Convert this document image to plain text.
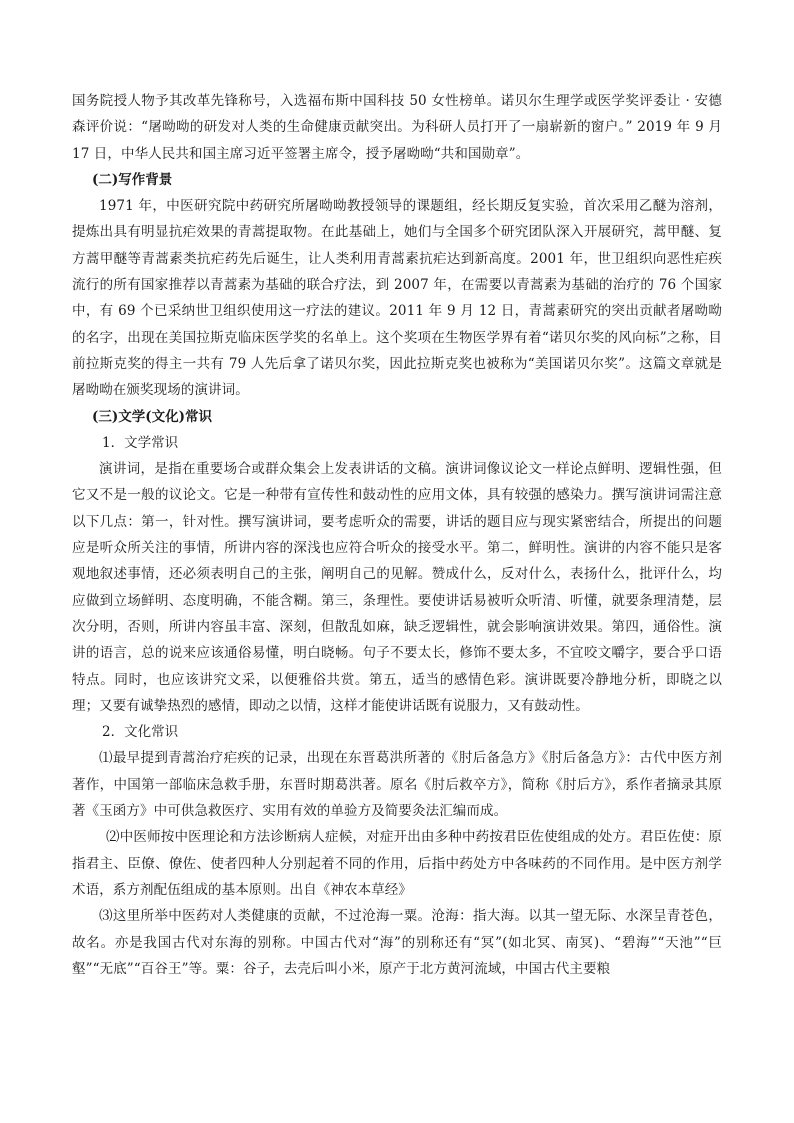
国务院授人物予其改革先锋称号，入选福布斯中国科技 50 女性榜单。诺贝尔生理学或医学奖评委让 · 安德森评价说：“屠呦呦的研发对人类的生命健康贡献突出。为科研人员打开了一扇崭新的窗户。” 2019 年 9 月 17 日，中华人民共和国主席习近平签署主席令，授予屠呦呦“共和国勋章”。

(二)写作背景

1971 年，中医研究院中药研究所屠呦呦教授领导的课题组，经长期反复实验，首次采用乙醚为溶剂，提炼出具有明显抗疟效果的青蒿提取物。在此基础上，她们与全国多个研究团队深入开展研究，蒿甲醚、复方蒿甲醚等青蒿素类抗疟药先后诞生，让人类利用青蒿素抗疟达到新高度。2001 年，世卫组织向恶性疟疾流行的所有国家推荐以青蒿素为基础的联合疗法，到 2007 年，在需要以青蒿素为基础的治疗的 76 个国家中，有 69 个已采纳世卫组织使用这一疗法的建议。2011 年 9 月 12 日，青蒿素研究的突出贡献者屠呦呦的名字，出现在美国拉斯克临床医学奖的名单上。这个奖项在生物医学界有着“诺贝尔奖的风向标”之称，目前拉斯克奖的得主一共有 79 人先后拿了诺贝尔奖，因此拉斯克奖也被称为“美国诺贝尔奖”。这篇文章就是屠呦呦在颁奖现场的演讲词。

(三)文学(文化)常识

1．文学常识

演讲词，是指在重要场合或群众集会上发表讲话的文稿。演讲词像议论文一样论点鲜明、逻辑性强，但它又不是一般的议论文。它是一种带有宣传性和鼓动性的应用文体，具有较强的感染力。撰写演讲词需注意以下几点：第一，针对性。撰写演讲词，要考虑听众的需要，讲话的题目应与现实紧密结合，所提出的问题应是听众所关注的事情，所讲内容的深浅也应符合听众的接受水平。第二，鲜明性。演讲的内容不能只是客观地叙述事情，还必须表明自己的主张，阐明自己的见解。赞成什么，反对什么，表扬什么，批评什么，均应做到立场鲜明、态度明确，不能含糊。第三，条理性。要使讲话易被听众听清、听懂，就要条理清楚，层次分明，否则，所讲内容虽丰富、深刻，但散乱如麻，缺乏逻辑性，就会影响演讲效果。第四，通俗性。演讲的语言，总的说来应该通俗易懂，明白晓畅。句子不要太长，修饰不要太多，不宜咬文嚼字，要合乎口语特点。同时，也应该讲究文采，以便雅俗共赏。第五，适当的感情色彩。演讲既要冷静地分析，即晓之以理；又要有诚挚热烈的感情，即动之以情，这样才能使讲话既有说服力，又有鼓动性。

2．文化常识

⑴最早提到青蒿治疗疟疾的记录，出现在东晋葛洪所著的《肘后备急方》《肘后备急方》：古代中医方剂著作，中国第一部临床急救手册，东晋时期葛洪著。原名《肘后救卒方》，简称《肘后方》，系作者摘录其原著《玉函方》中可供急救医疗、实用有效的单验方及简要灸法汇编而成。

⑵中医师按中医理论和方法诊断病人症候，对症开出由多种中药按君臣佐使组成的处方。君臣佐使：原指君主、臣僚、僚佐、使者四种人分别起着不同的作用，后指中药处方中各味药的不同作用。是中医方剂学术语，系方剂配伍组成的基本原则。出自《神农本草经》

⑶这里所举中医药对人类健康的贡献，不过沧海一粟。沧海：指大海。以其一望无际、水深呈青苍色，故名。亦是我国古代对东海的别称。中国古代对“海”的别称还有“冥”(如北冥、南冥)、“碧海”“天池”“巨壑”“无底”“百谷王”等。粟：谷子，去壳后叫小米，原产于北方黄河流域，中国古代主要粮
